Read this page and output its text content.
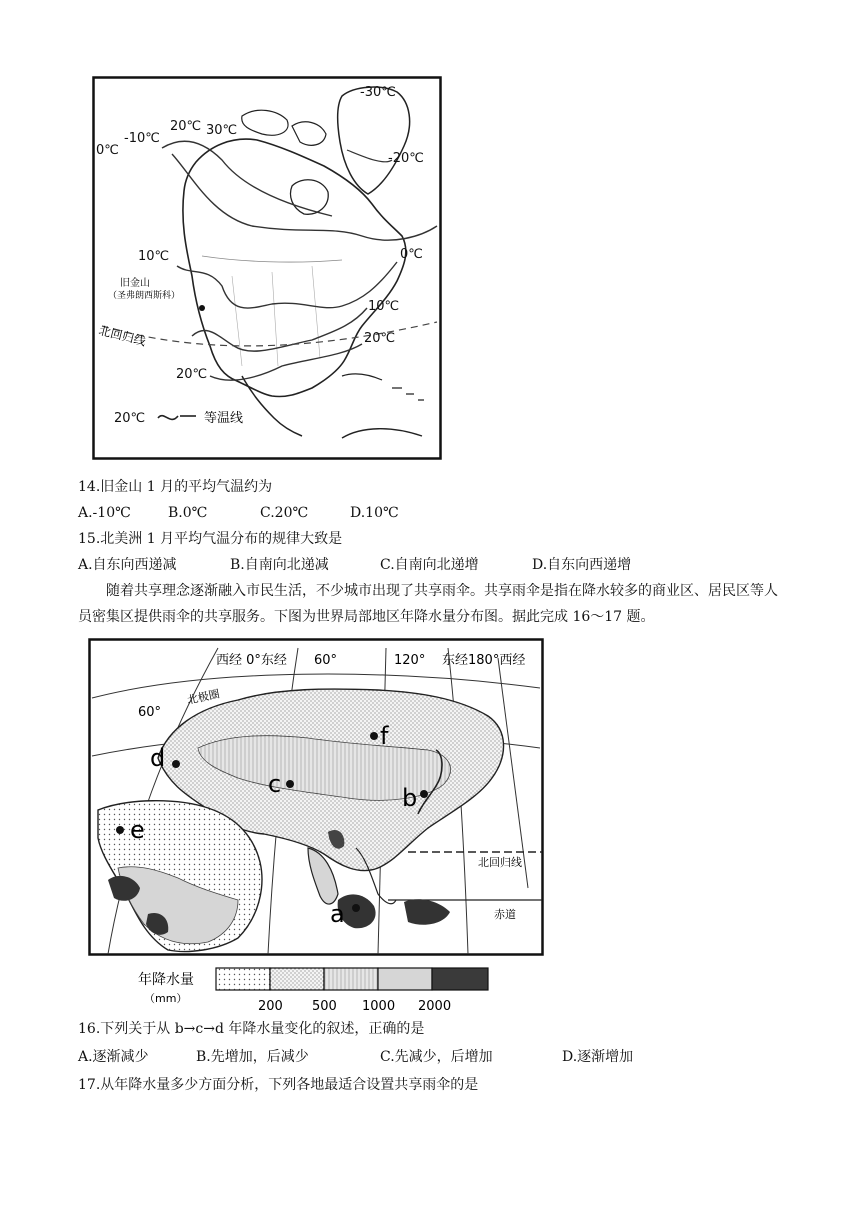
-30℃
20℃ 30℃
-10℃
0℃
-20℃
10℃	0℃
10℃
20℃
20℃
旧金山
（圣弗朗西斯科）
北回归线
20℃	等温线
14.旧金山 1 月的平均气温约为
A.-10℃	B.0℃	C.20℃	D.10℃
15.北美洲 1 月平均气温分布的规律大致是
A.自东向西递减	B.自南向北递减	C.自南向北递增	D.自东向西递增
随着共享理念逐渐融入市民生活，不少城市出现了共享雨伞。共享雨伞是指在降水较多的商业区、居民区等人员密集区提供雨伞的共享服务。下图为世界局部地区年降水量分布图。据此完成 16～17 题。
西经 0°东经 60°	120° 东经180°西经
60°
北极圈
北回归线
赤道
d
f
c	b
e
a
年降水量
（mm）
200 500 1000 2000
16.下列关于从 b→c→d 年降水量变化的叙述，正确的是
A.逐渐减少	B.先增加，后减少	C.先减少，后增加	D.逐渐增加
17.从年降水量多少方面分析，下列各地最适合设置共享雨伞的是
